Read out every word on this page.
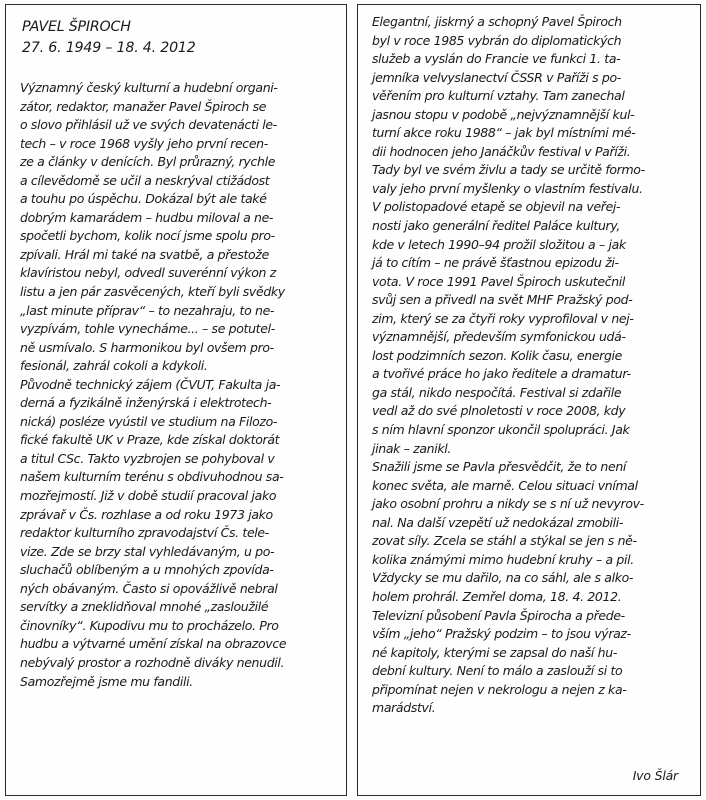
PAVEL ŠPIROCH
27. 6. 1949 – 18. 4. 2012
Významný český kulturní a hudební organi-
zátor, redaktor, manažer Pavel Špiroch se
o slovo přihlásil už ve svých devatenácti le-
tech – v roce 1968 vyšly jeho první recen-
ze a články v denících. Byl průrazný, rychle
a cílevědomě se učil a neskrýval ctižádost
a touhu po úspěchu. Dokázal být ale také
dobrým kamarádem – hudbu miloval a ne-
spočetli bychom, kolik nocí jsme spolu pro-
zpívali. Hrál mi také na svatbě, a přestože
klavíristou nebyl, odvedl suverénní výkon z
listu a jen pár zasvěcených, kteří byli svědky
„last minute příprav“ – to nezahraju, to ne-
vyzpívám, tohle vynecháme... – se potutel-
ně usmívalo. S harmonikou byl ovšem pro-
fesionál, zahrál cokoli a kdykoli.
Původně technický zájem (ČVUT, Fakulta ja-
derná a fyzikálně inženýrská i elektrotech-
nická) posléze vyústil ve studium na Filozo-
fické fakultě UK v Praze, kde získal doktorát
a titul CSc. Takto vyzbrojen se pohyboval v
našem kulturním terénu s obdivuhodnou sa-
mozřejmostí. Již v době studií pracoval jako
zprávař v Čs. rozhlase a od roku 1973 jako
redaktor kulturního zpravodajství Čs. tele-
vize. Zde se brzy stal vyhledávaným, u po-
sluchačů oblíbeným a u mnohých zpovída-
ných obávaným. Často si opovážlivě nebral
servítky a zneklidňoval mnohé „zasloužilé
činovníky“. Kupodivu mu to procházelo. Pro
hudbu a výtvarné umění získal na obrazovce
nebývalý prostor a rozhodně diváky nenudil.
Samozřejmě jsme mu fandili.
Elegantní, jiskrný a schopný Pavel Špiroch
byl v roce 1985 vybrán do diplomatických
služeb a vyslán do Francie ve funkci 1. ta-
jemníka velvyslanectví ČSSR v Paříži s po-
věřením pro kulturní vztahy. Tam zanechal
jasnou stopu v podobě „nejvýznamnější kul-
turní akce roku 1988“ – jak byl místními mé-
dii hodnocen jeho Janáčkův festival v Paříži.
Tady byl ve svém živlu a tady se určitě formo-
valy jeho první myšlenky o vlastním festivalu.
V polistopadové etapě se objevil na veřej-
nosti jako generální ředitel Paláce kultury,
kde v letech 1990–94 prožil složitou a – jak
já to cítím – ne právě šťastnou epizodu ži-
vota. V roce 1991 Pavel Špiroch uskutečnil
svůj sen a přivedl na svět MHF Pražský pod-
zim, který se za čtyři roky vyprofiloval v nej-
významnější, především symfonickou udá-
lost podzimních sezon. Kolik času, energie
a tvořivé práce ho jako ředitele a dramatur-
ga stál, nikdo nespočítá. Festival si zdařile
vedl až do své plnoletosti v roce 2008, kdy
s ním hlavní sponzor ukončil spolupráci. Jak
jinak – zanikl.
Snažili jsme se Pavla přesvědčit, že to není
konec světa, ale marně. Celou situaci vnímal
jako osobní prohru a nikdy se s ní už nevyrov-
nal. Na další vzepětí už nedokázal zmobili-
zovat síly. Zcela se stáhl a stýkal se jen s ně-
kolika známými mimo hudební kruhy – a pil.
Vždycky se mu dařilo, na co sáhl, ale s alko-
holem prohrál. Zemřel doma, 18. 4. 2012.
Televizní působení Pavla Špirocha a přede-
vším „jeho“ Pražský podzim – to jsou výraz-
né kapitoly, kterými se zapsal do naší hu-
dební kultury. Není to málo a zaslouží si to
připomínat nejen v nekrologu a nejen z ka-
marádství.
Ivo Šlár
